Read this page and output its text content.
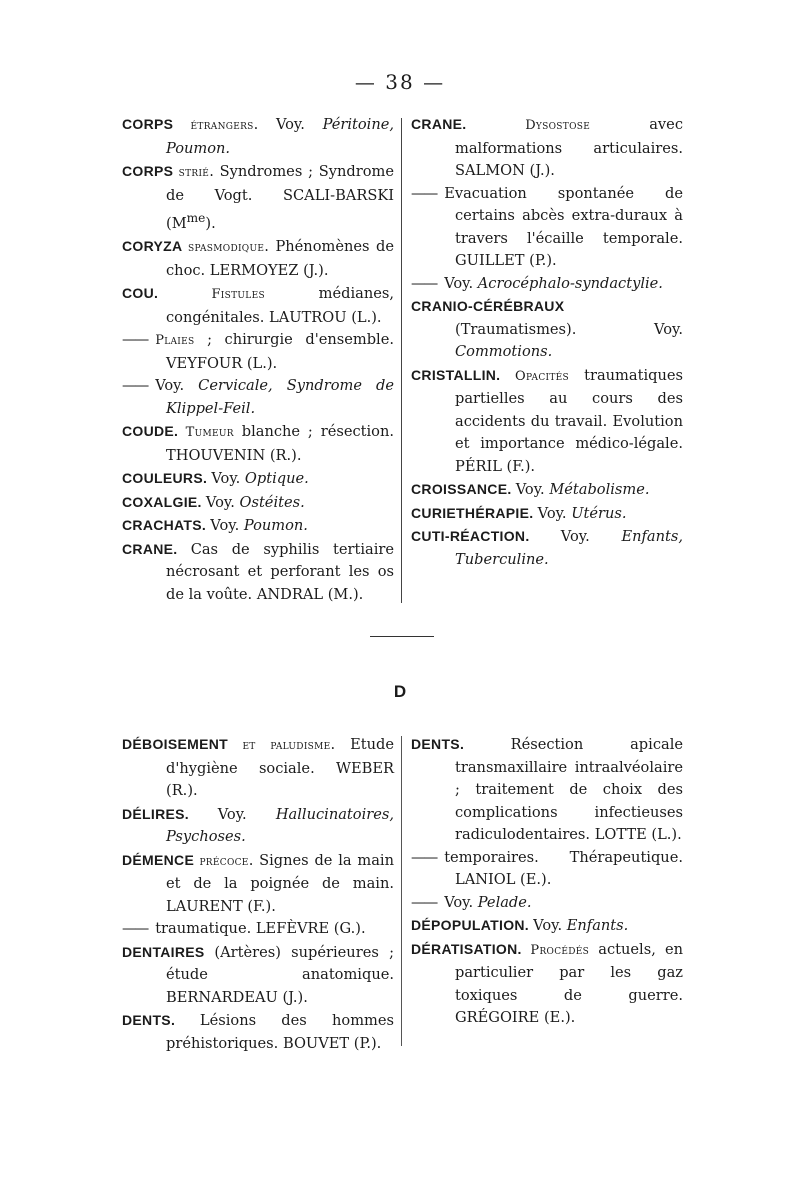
— 38 —

CORPS étrangers. Voy. Péritoine, Poumon.

CORPS strié. Syndromes ; Syndrome de Vogt. SCALI-BARSKI $(M^{me})$.

CORYZA spasmodique. Phénomènes de choc. LERMOYEZ (J.).

COU. Fistules médianes, congénitales. LAUTROU (L.).

—— Plaies ; chirurgie d'ensemble. VEYFOUR (L.).

—— Voy. Cervicale, Syndrome de Klippel-Feil.

COUDE. Tumeur blanche ; résection. THOUVENIN (R.).

COULEURS. Voy. Optique.

COXALGIE. Voy. Ostéites.

CRACHATS. Voy. Poumon.

CRANE. Cas de syphilis tertiaire nécrosant et perforant les os de la voûte. ANDRAL (M.).

CRANE. Dysostose avec malformations articulaires. SALMON (J.).

—— Evacuation spontanée de certains abcès extra-duraux à travers l'écaille temporale. GUILLET (P.).

—— Voy. Acrocéphalo-syndactylie.

CRANIO-CÉRÉBRAUX (Traumatismes). Voy. Commotions.

CRISTALLIN. Opacités traumatiques partielles au cours des accidents du travail. Evolution et importance médico-légale. PÉRIL (F.).

CROISSANCE. Voy. Métabolisme.

CURIETHÉRAPIE. Voy. Utérus.

CUTI-RÉACTION. Voy. Enfants, Tuberculine.

D

DÉBOISEMENT et paludisme. Etude d'hygiène sociale. WEBER (R.).

DÉLIRES. Voy. Hallucinatoires, Psychoses.

DÉMENCE précoce. Signes de la main et de la poignée de main. LAURENT (F.).

—— traumatique. LEFÈVRE (G.).

DENTAIRES (Artères) supérieures ; étude anatomique. BERNARDEAU (J.).

DENTS. Lésions des hommes préhistoriques. BOUVET (P.).

DENTS. Résection apicale transmaxillaire intraalvéolaire ; traitement de choix des complications infectieuses radiculodentaires. LOTTE (L.).

—— temporaires. Thérapeutique. LANIOL (E.).

—— Voy. Pelade.

DÉPOPULATION. Voy. Enfants.

DÉRATISATION. Procédés actuels, en particulier par les gaz toxiques de guerre. GRÉGOIRE (E.).
